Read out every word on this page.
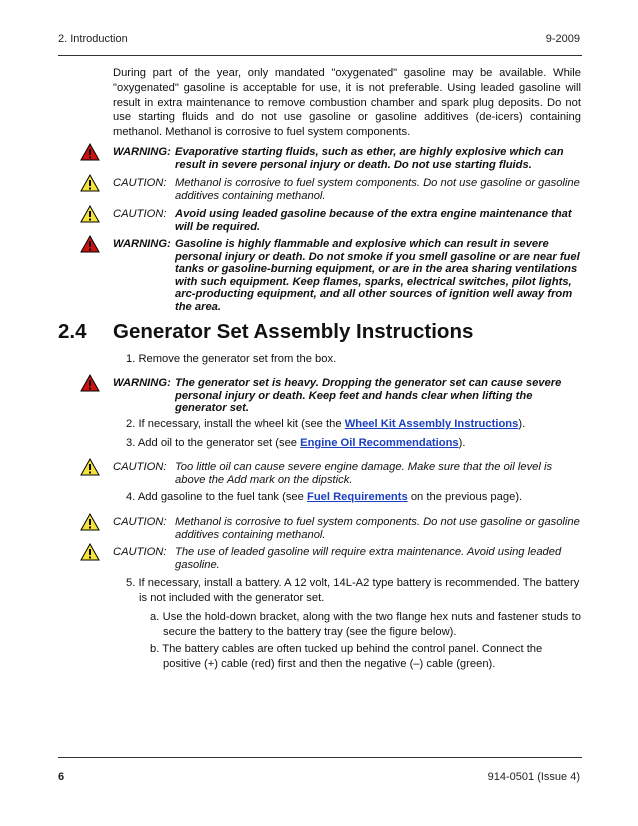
2. Introduction	9-2009

During part of the year, only mandated "oxygenated" gasoline may be available. While "oxygenated" gasoline is acceptable for use, it is not preferable. Using leaded gasoline will result in extra maintenance to remove combustion chamber and spark plug deposits. Do not use starting fluids and do not use gasoline or gasoline additives (de-icers) containing methanol. Methanol is corrosive to fuel system components.

WARNING: Evaporative starting fluids, such as ether, are highly explosive which can result in severe personal injury or death. Do not use starting fluids.
CAUTION: Methanol is corrosive to fuel system components. Do not use gasoline or gasoline additives containing methanol.
CAUTION: Avoid using leaded gasoline because of the extra engine maintenance that will be required.
WARNING: Gasoline is highly flammable and explosive which can result in severe personal injury or death. Do not smoke if you smell gasoline or are near fuel tanks or gasoline-burning equipment, or are in the area sharing ventilations with such equipment. Keep flames, sparks, electrical switches, pilot lights, arc-producting equipment, and all other sources of ignition well away from the area.
2.4 Generator Set Assembly Instructions

1. Remove the generator set from the box.

WARNING: The generator set is heavy. Dropping the generator set can cause severe personal injury or death. Keep feet and hands clear when lifting the generator set.

2. If necessary, install the wheel kit (see the Wheel Kit Assembly Instructions).

3. Add oil to the generator set (see Engine Oil Recommendations).

CAUTION: Too little oil can cause severe engine damage. Make sure that the oil level is above the Add mark on the dipstick.

4. Add gasoline to the fuel tank (see Fuel Requirements on the previous page).

CAUTION: Methanol is corrosive to fuel system components. Do not use gasoline or gasoline additives containing methanol.
CAUTION: The use of leaded gasoline will require extra maintenance. Avoid using leaded gasoline.

5. If necessary, install a battery. A 12 volt, 14L-A2 type battery is recommended. The battery is not included with the generator set.

a. Use the hold-down bracket, along with the two flange hex nuts and fastener studs to secure the battery to the battery tray (see the figure below).

b. The battery cables are often tucked up behind the control panel. Connect the positive (+) cable (red) first and then the negative (–) cable (green).

6	914-0501 (Issue 4)
